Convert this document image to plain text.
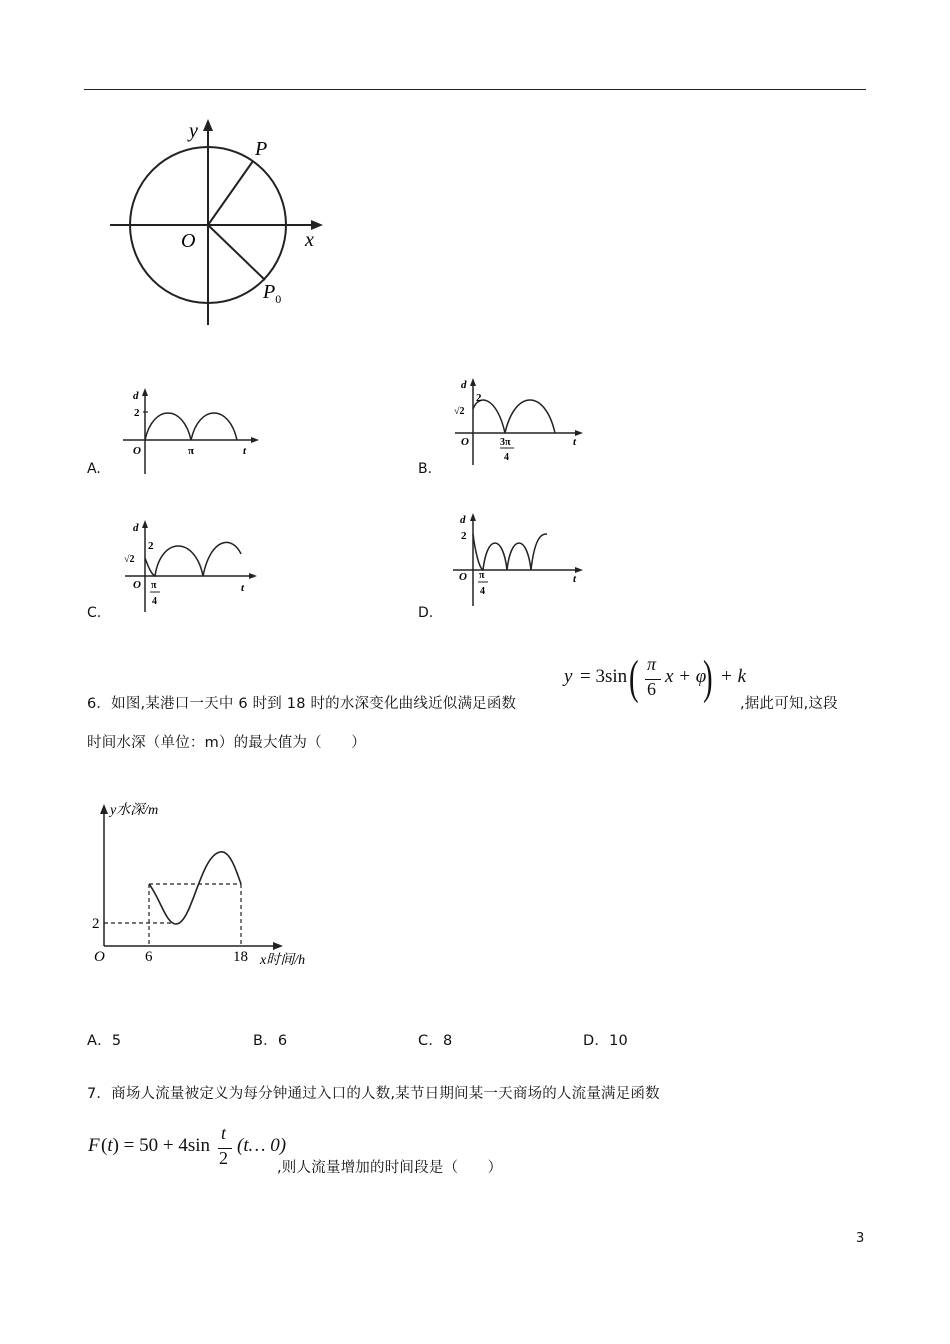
y
x
O
P
$P_0$
A.
d
2
O	π	t
B.
d
2
√2
O	3π
4
t
C.
d
2
√2
O π
4
t
D.
d
2
O π
4
t
6．如图,某港口一天中 6 时到 18 时的水深变化曲线近似满足函数
y = 3sin ( π
6
x + φ
) + k
,据此可知,这段
时间水深（单位：m）的最大值为（　　）
y水深/m
2
O	6	18 x时间/h
A．5	B．6	C．8	D．10
7．商场人流量被定义为每分钟通过入口的人数,某节日期间某一天商场的人流量满足函数
F (t) = 50 + 4sin
t
2
(t… 0)
,则人流量增加的时间段是（　　）
3
